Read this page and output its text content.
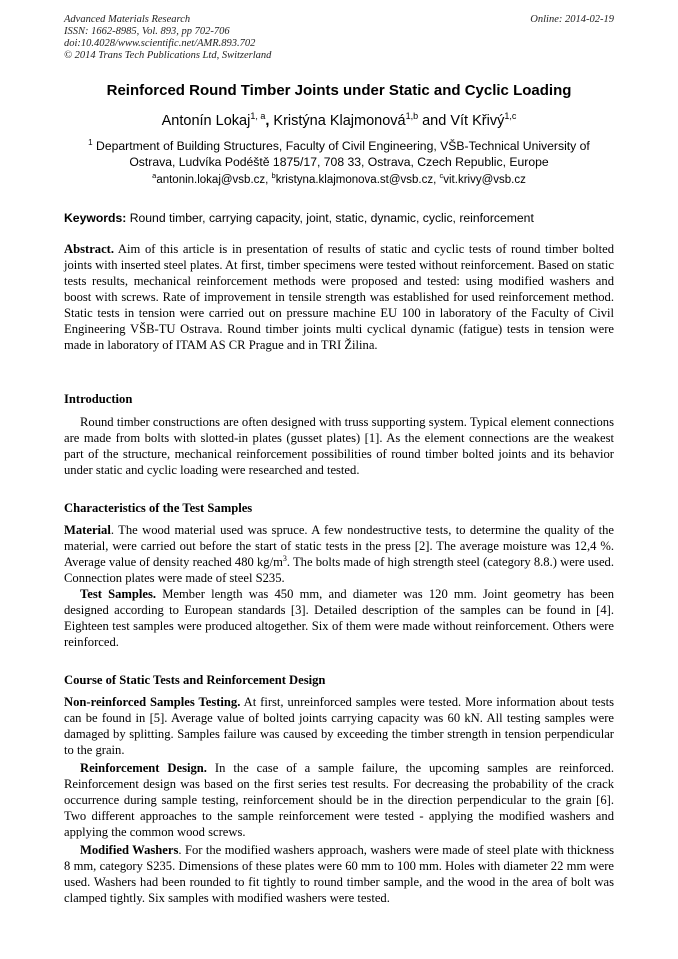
Advanced Materials Research
ISSN: 1662-8985, Vol. 893, pp 702-706
doi:10.4028/www.scientific.net/AMR.893.702
© 2014 Trans Tech Publications Ltd, Switzerland
Online: 2014-02-19
Reinforced Round Timber Joints under Static and Cyclic Loading
Antonín Lokaj$^{1, a}$, Kristýna Klajmonová$^{1,b}$ and Vít Křivý$^{1,c}$
$^1$ Department of Building Structures, Faculty of Civil Engineering, VŠB-Technical University of Ostrava, Ludvíka Podéště 1875/17, 708 33, Ostrava, Czech Republic, Europe
$^a$antonin.lokaj@vsb.cz, $^b$kristyna.klajmonova.st@vsb.cz, $^c$vit.krivy@vsb.cz
Keywords: Round timber, carrying capacity, joint, static, dynamic, cyclic, reinforcement
Abstract. Aim of this article is in presentation of results of static and cyclic tests of round timber bolted joints with inserted steel plates. At first, timber specimens were tested without reinforcement. Based on static tests results, mechanical reinforcement methods were proposed and tested: using modified washers and boost with screws. Rate of improvement in tensile strength was established for used reinforcement method. Static tests in tension were carried out on pressure machine EU 100 in laboratory of the Faculty of Civil Engineering VŠB-TU Ostrava. Round timber joints multi cyclical dynamic (fatigue) tests in tension were made in laboratory of ITAM AS CR Prague and in TRI Žilina.
Introduction
Round timber constructions are often designed with truss supporting system. Typical element connections are made from bolts with slotted-in plates (gusset plates) [1]. As the element connections are the weakest part of the structure, mechanical reinforcement possibilities of round timber bolted joints and its behavior under static and cyclic loading were researched and tested.
Characteristics of the Test Samples
Material. The wood material used was spruce. A few nondestructive tests, to determine the quality of the material, were carried out before the start of static tests in the press [2]. The average moisture was 12,4 %. Average value of density reached 480 $kg/m^3$. The bolts made of high strength steel (category 8.8.) were used. Connection plates were made of steel S235.
Test Samples. Member length was 450 mm, and diameter was 120 mm. Joint geometry has been designed according to European standards [3]. Detailed description of the samples can be found in [4]. Eighteen test samples were produced altogether. Six of them were made without reinforcement. Others were reinforced.
Course of Static Tests and Reinforcement Design
Non-reinforced Samples Testing. At first, unreinforced samples were tested. More information about tests can be found in [5]. Average value of bolted joints carrying capacity was 60 kN. All testing samples were damaged by splitting. Samples failure was caused by exceeding the timber strength in tension perpendicular to the grain.
Reinforcement Design. In the case of a sample failure, the upcoming samples are reinforced. Reinforcement design was based on the first series test results. For decreasing the probability of the crack occurrence during sample testing, reinforcement should be in the direction perpendicular to the grain [6]. Two different approaches to the sample reinforcement were tested - applying the modified washers and applying the common wood screws.
Modified Washers. For the modified washers approach, washers were made of steel plate with thickness 8 mm, category S235. Dimensions of these plates were 60 mm to 100 mm. Holes with diameter 22 mm were used. Washers had been rounded to fit tightly to round timber sample, and the wood in the area of bolt was clamped tightly. Six samples with modified washers were tested.
